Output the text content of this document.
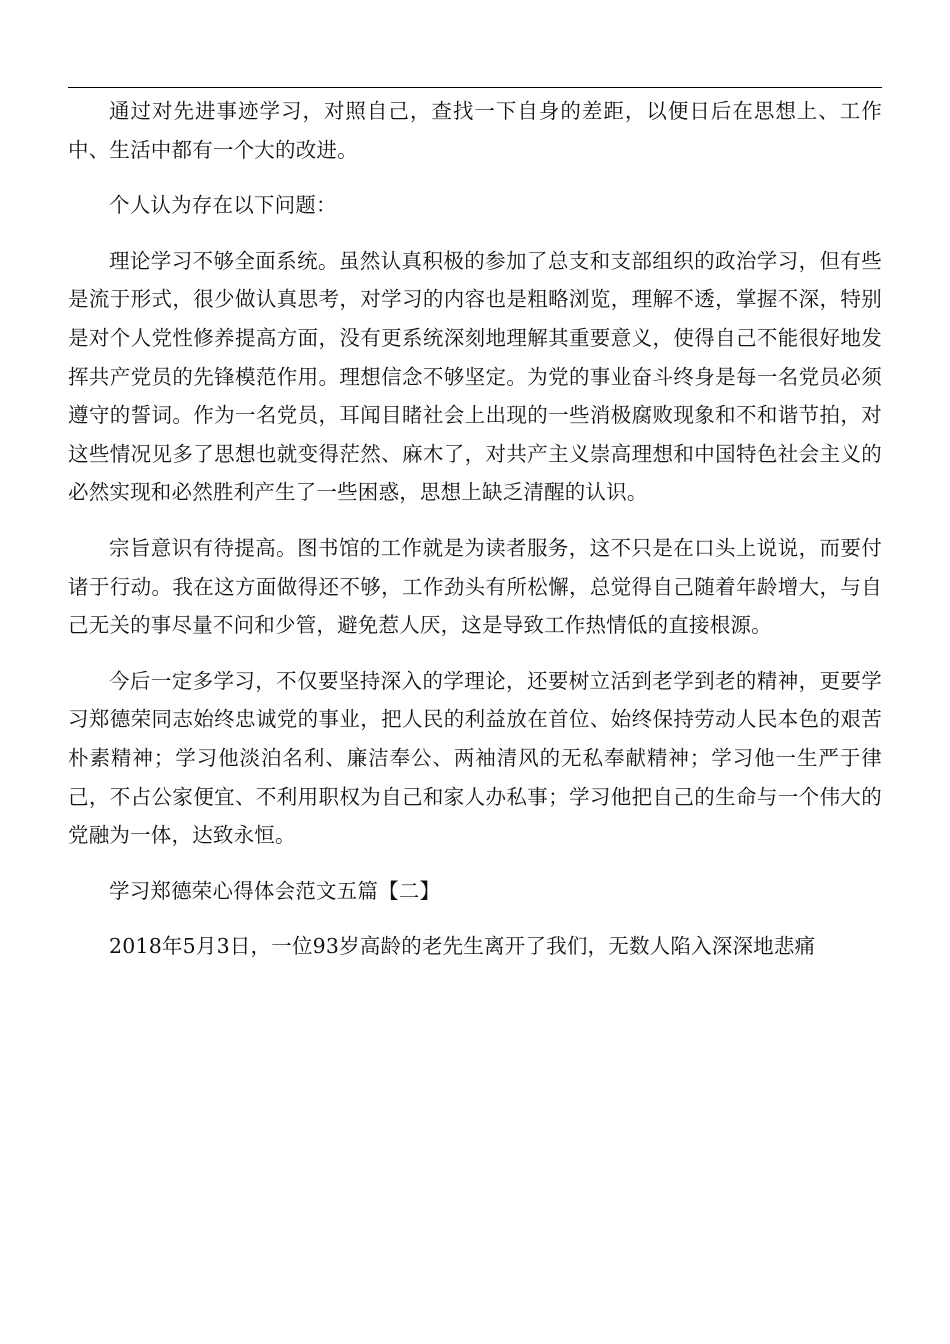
通过对先进事迹学习，对照自己，查找一下自身的差距，以便日后在思想上、工作中、生活中都有一个大的改进。

个人认为存在以下问题：

理论学习不够全面系统。虽然认真积极的参加了总支和支部组织的政治学习，但有些是流于形式，很少做认真思考，对学习的内容也是粗略浏览，理解不透，掌握不深，特别是对个人党性修养提高方面，没有更系统深刻地理解其重要意义，使得自己不能很好地发挥共产党员的先锋模范作用。理想信念不够坚定。为党的事业奋斗终身是每一名党员必须遵守的誓词。作为一名党员，耳闻目睹社会上出现的一些消极腐败现象和不和谐节拍，对这些情况见多了思想也就变得茫然、麻木了，对共产主义崇高理想和中国特色社会主义的必然实现和必然胜利产生了一些困惑，思想上缺乏清醒的认识。

宗旨意识有待提高。图书馆的工作就是为读者服务，这不只是在口头上说说，而要付诸于行动。我在这方面做得还不够，工作劲头有所松懈，总觉得自己随着年龄增大，与自己无关的事尽量不问和少管，避免惹人厌，这是导致工作热情低的直接根源。

今后一定多学习，不仅要坚持深入的学理论，还要树立活到老学到老的精神，更要学习郑德荣同志始终忠诚党的事业，把人民的利益放在首位、始终保持劳动人民本色的艰苦朴素精神；学习他淡泊名利、廉洁奉公、两袖清风的无私奉献精神；学习他一生严于律己，不占公家便宜、不利用职权为自己和家人办私事；学习他把自己的生命与一个伟大的党融为一体，达致永恒。

学习郑德荣心得体会范文五篇【二】

2018年5月3日，一位93岁高龄的老先生离开了我们，无数人陷入深深地悲痛
